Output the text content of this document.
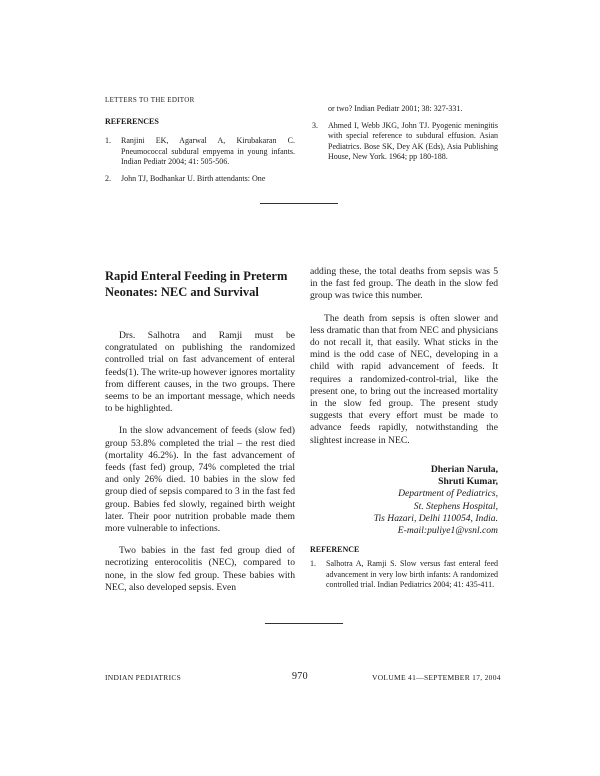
LETTERS TO THE EDITOR
REFERENCES
1.	Ranjini EK, Agarwal A, Kirubakaran C. Pneumococcal subdural empyema in young infants. Indian Pediatr 2004; 41: 505-506.
2.	John TJ, Bodhankar U. Birth attendants: One
or two? Indian Pediatr 2001; 38: 327-331.
3.	Ahmed I, Webb JKG, John TJ. Pyogenic meningitis with special reference to subdural effusion. Asian Pediatrics. Bose SK, Dey AK (Eds), Asia Publishing House, New York. 1964; pp 180-188.
Rapid Enteral Feeding in Preterm Neonates: NEC and Survival

Drs. Salhotra and Ramji must be congratulated on publishing the randomized controlled trial on fast advancement of enteral feeds(1). The write-up however ignores mortality from different causes, in the two groups. There seems to be an important message, which needs to be highlighted.

In the slow advancement of feeds (slow fed) group 53.8% completed the trial – the rest died (mortality 46.2%). In the fast advancement of feeds (fast fed) group, 74% completed the trial and only 26% died. 10 babies in the slow fed group died of sepsis compared to 3 in the fast fed group. Babies fed slowly, regained birth weight later. Their poor nutrition probable made them more vulnerable to infections.

Two babies in the fast fed group died of necrotizing enterocolitis (NEC), compared to none, in the slow fed group. These babies with NEC, also developed sepsis. Even

adding these, the total deaths from sepsis was 5 in the fast fed group. The death in the slow fed group was twice this number.

The death from sepsis is often slower and less dramatic than that from NEC and physicians do not recall it, that easily. What sticks in the mind is the odd case of NEC, developing in a child with rapid advancement of feeds. It requires a randomized-control-trial, like the present one, to bring out the increased mortality in the slow fed group. The present study suggests that every effort must be made to advance feeds rapidly, notwithstanding the slightest increase in NEC.

Dherian Narula,
Shruti Kumar,
Department of Pediatrics,
St. Stephens Hospital,
Tis Hazari, Delhi 110054, India.
E-mail:puliye1@vsnl.com
REFERENCE
1.	Salhotra A, Ramji S. Slow versus fast enteral feed advancement in very low birth infants: A randomized controlled trial. Indian Pediatrics 2004; 41: 435-411.
INDIAN PEDIATRICS	970	VOLUME 41—SEPTEMBER 17, 2004
